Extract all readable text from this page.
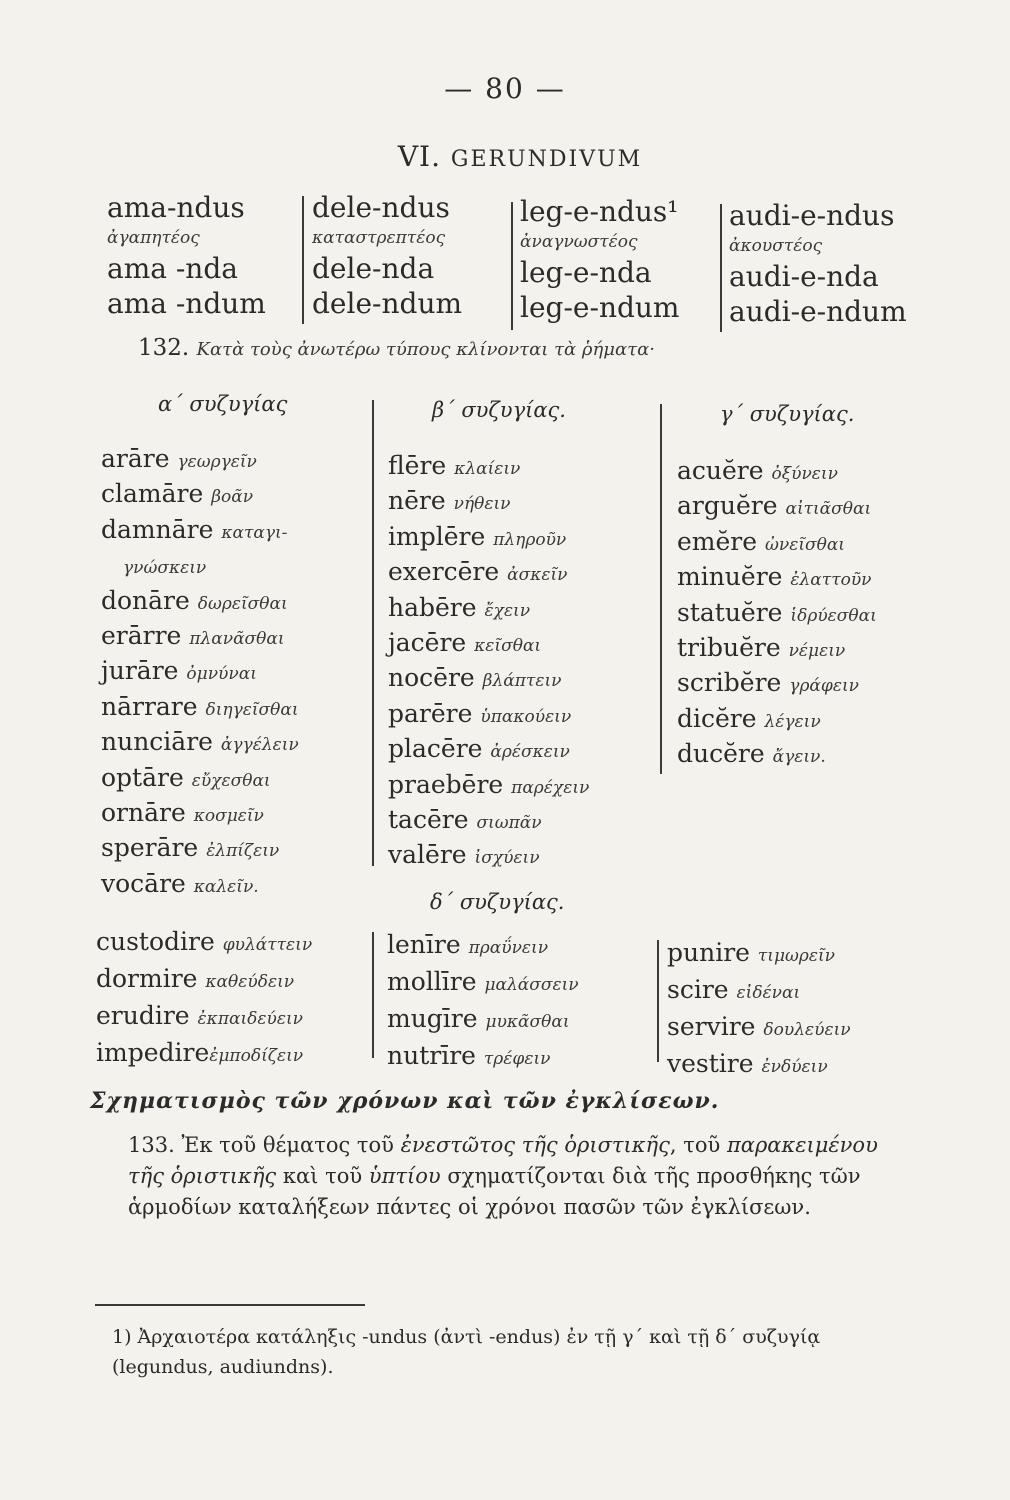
— 80 —
VI. GERUNDIVUM
ama-ndus
ἀγαπητέος
ama -nda
ama -ndum
dele-ndus
καταστρεπτέος
dele-nda
dele-ndum
leg-e-ndus¹
ἀναγνωστέος
leg-e-nda
leg-e-ndum
audi-e-ndus
ἀκουστέος
audi-e-nda
audi-e-ndum
132. Κατὰ τοὺς ἀνωτέρω τύπους κλίνονται τὰ ῥήματα·
α΄ συζυγίας	β΄ συζυγίας.	γ΄ συζυγίας.
arāre γεωργεῖν
clamāre βοᾶν
damnāre καταγι-
γνώσκειν
donāre δωρεῖσθαι
erārre πλανᾶσθαι
jurāre ὀμνύναι
nārrare διηγεῖσθαι
nunciāre ἀγγέλειν
optāre εὔχεσθαι
ornāre κοσμεῖν
sperāre ἐλπίζειν
vocāre καλεῖν.
flēre κλαίειν
nēre νήθειν
implēre πληροῦν
exercēre ἀσκεῖν
habēre ἔχειν
jacēre κεῖσθαι
nocēre βλάπτειν
parēre ὑπακούειν
placēre ἀρέσκειν
praebēre παρέχειν
tacēre σιωπᾶν
valēre ἰσχύειν
acuĕre ὀξύνειν
arguĕre αἰτιᾶσθαι
emĕre ὠνεῖσθαι
minuĕre ἐλαττοῦν
statuĕre ἱδρύεσθαι
tribuĕre νέμειν
scribĕre γράφειν
dicĕre λέγειν
ducĕre ἄγειν.
δ΄ συζυγίας.
custodire φυλάττειν
dormire καθεύδειν
erudire ἐκπαιδεύειν
impedireἐμποδίζειν
lenīre πραΰνειν
mollīre μαλάσσειν
mugīre μυκᾶσθαι
nutrīre τρέφειν
punire τιμωρεῖν
scire εἰδέναι
servire δουλεύειν
vestire ἐνδύειν
Σχηματισμὸς τῶν χρόνων καὶ τῶν ἐγκλίσεων.
133. Ἐκ τοῦ θέματος τοῦ ἐνεστῶτος τῆς ὁριστικῆς, τοῦ παρακειμένου τῆς ὁριστικῆς καὶ τοῦ ὑπτίου σχηματίζονται διὰ τῆς προσθήκης τῶν ἁρμοδίων καταλήξεων πάντες οἱ χρόνοι πασῶν τῶν ἐγκλίσεων.
1) Ἀρχαιοτέρα κατάληξις -undus (ἀντὶ -endus) ἐν τῇ γ΄ καὶ τῇ δ΄ συζυγίᾳ (legundus, audiundns).
